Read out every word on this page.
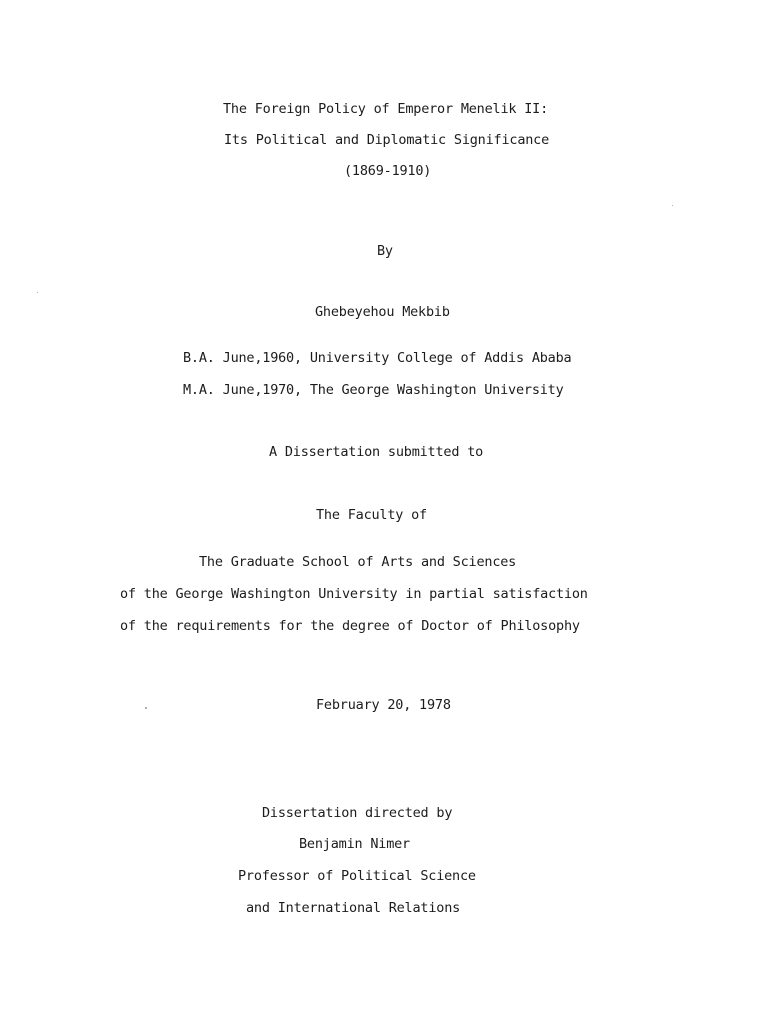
The Foreign Policy of Emperor Menelik II:
Its Political and Diplomatic Significance
(1869-1910)
By
Ghebeyehou Mekbib
B.A. June,1960, University College of Addis Ababa
M.A. June,1970, The George Washington University
A Dissertation submitted to
The Faculty of
The Graduate School of Arts and Sciences
of the George Washington University in partial satisfaction
of the requirements for the degree of Doctor of Philosophy
February 20, 1978
Dissertation directed by
Benjamin Nimer
Professor of Political Science
and International Relations
